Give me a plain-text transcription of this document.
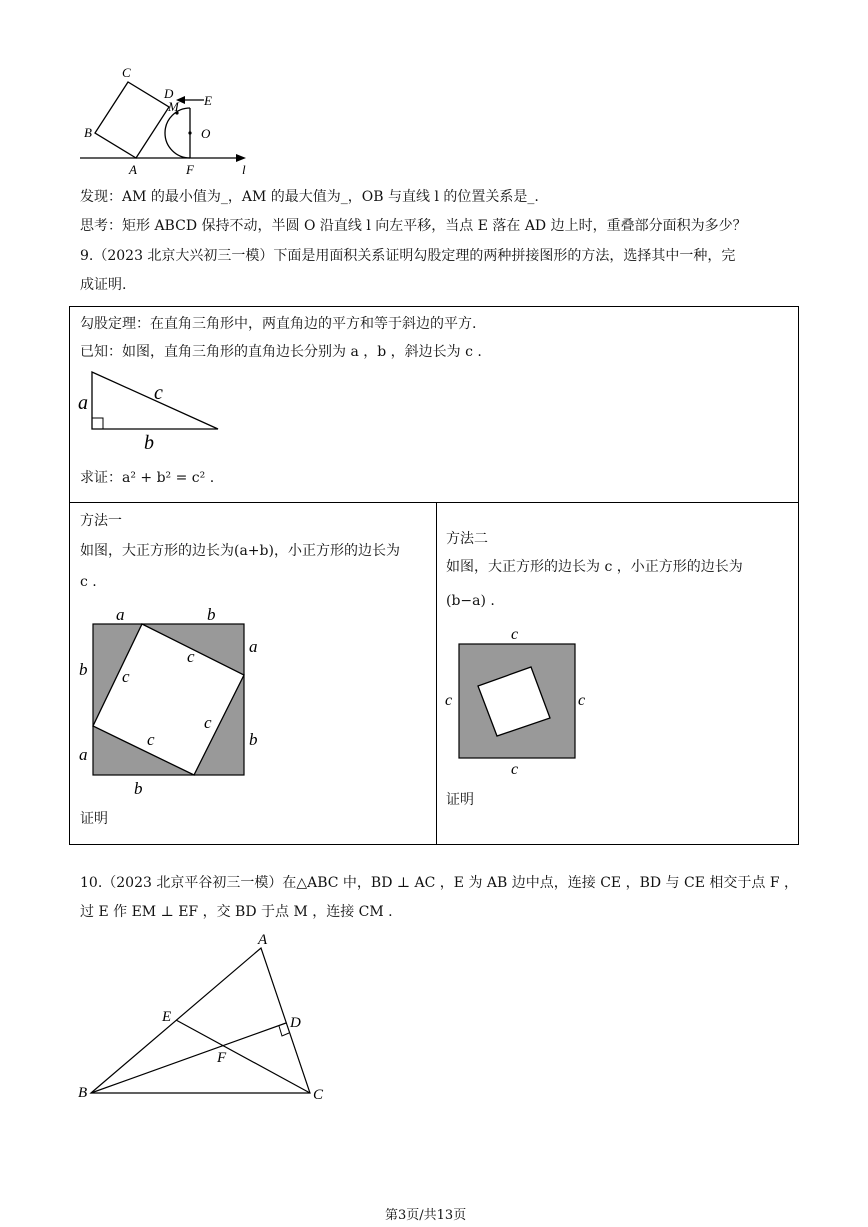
C
D
M E
B	O
A	F	l
发现：AM 的最小值为_，AM 的最大值为_，OB 与直线 l 的位置关系是_.
思考：矩形 ABCD 保持不动，半圆 O 沿直线 l 向左平移，当点 E 落在 AD 边上时，重叠部分面积为多少？
9.（2023 北京大兴初三一模）下面是用面积关系证明勾股定理的两种拼接图形的方法，选择其中一种，完
成证明.
勾股定理：在直角三角形中，两直角边的平方和等于斜边的平方.
已知：如图，直角三角形的直角边长分别为 a ，b ，斜边长为 c .
a	c
b
求证：a² + b² = c² .
方法一
如图，大正方形的边长为(a+b)，小正方形的边长为
c .
a	b
a
b
b
a
b
c
c
c
c
证明
方法二
如图，大正方形的边长为 c ，小正方形的边长为
(b−a) .
c
c	c
c
证明
10.（2023 北京平谷初三一模）在△ABC 中，BD ⊥ AC ，E 为 AB 边中点，连接 CE ，BD 与 CE 相交于点 F ，
过 E 作 EM ⊥ EF ，交 BD 于点 M ，连接 CM .
A
E	D
F
B	C
第3页/共13页
